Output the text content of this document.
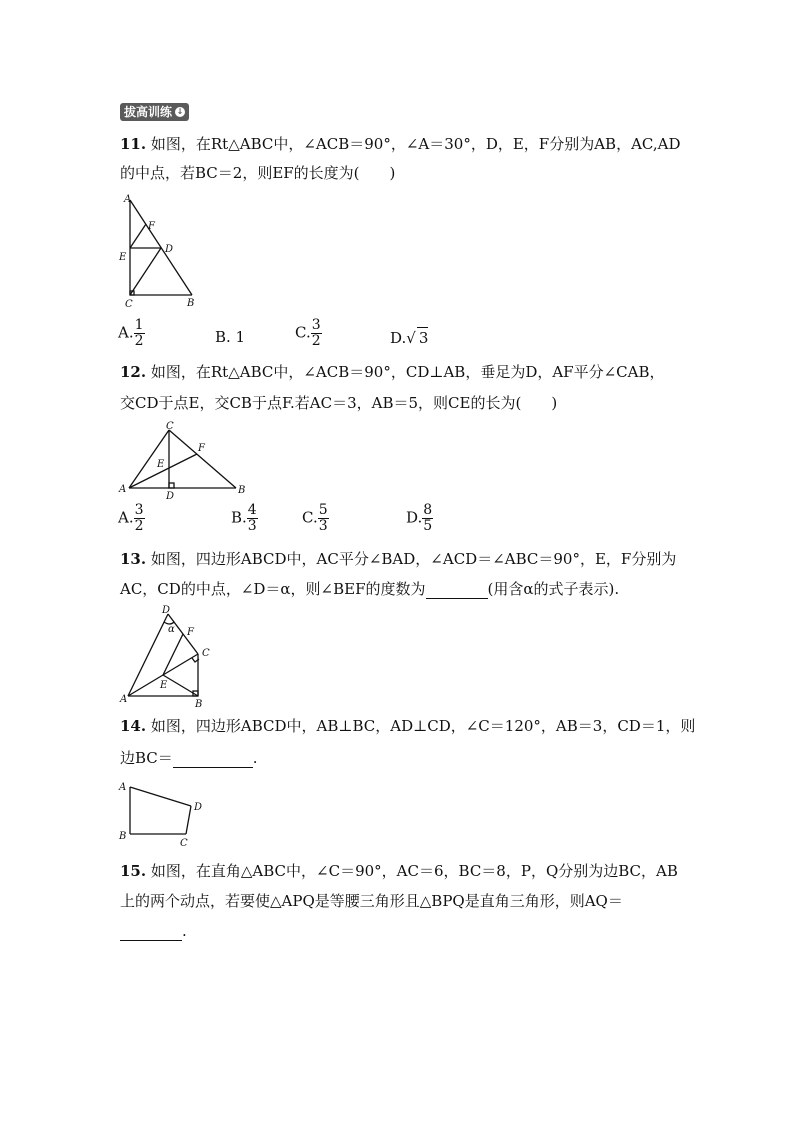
拔高训练 ↓
11. 如图，在Rt△ABC中，∠ACB＝90°，∠A＝30°，D，E，F分别为AB，AC,AD
的中点，若BC＝2，则EF的长度为(　　)
A
F
D
E
C	B
A. $\frac{1}{2}$	B. 1	C. $\frac{3}{2}$	D.√ 3
12. 如图，在Rt△ABC中，∠ACB＝90°，CD⊥AB，垂足为D，AF平分∠CAB，
交CD于点E，交CB于点F.若AC＝3，AB＝5，则CE的长为(　　)
C
F
E
A
D
B
A. $\frac{3}{2}$	B. $\frac{4}{3}$	C. $\frac{5}{3}$	D. $\frac{8}{5}$
13. 如图，四边形ABCD中，AC平分∠BAD，∠ACD＝∠ABC＝90°，E，F分别为
AC，CD的中点，∠D＝α，则∠BEF的度数为	(用含α的式子表示).
D
α F
C
E
A	B
14. 如图，四边形ABCD中，AB⊥BC，AD⊥CD，∠C＝120°，AB＝3，CD＝1，则
边BC＝	.
A
D
B
C
15. 如图，在直角△ABC中，∠C＝90°，AC＝6，BC＝8，P，Q分别为边BC，AB
上的两个动点，若要使△APQ是等腰三角形且△BPQ是直角三角形，则AQ＝
.
